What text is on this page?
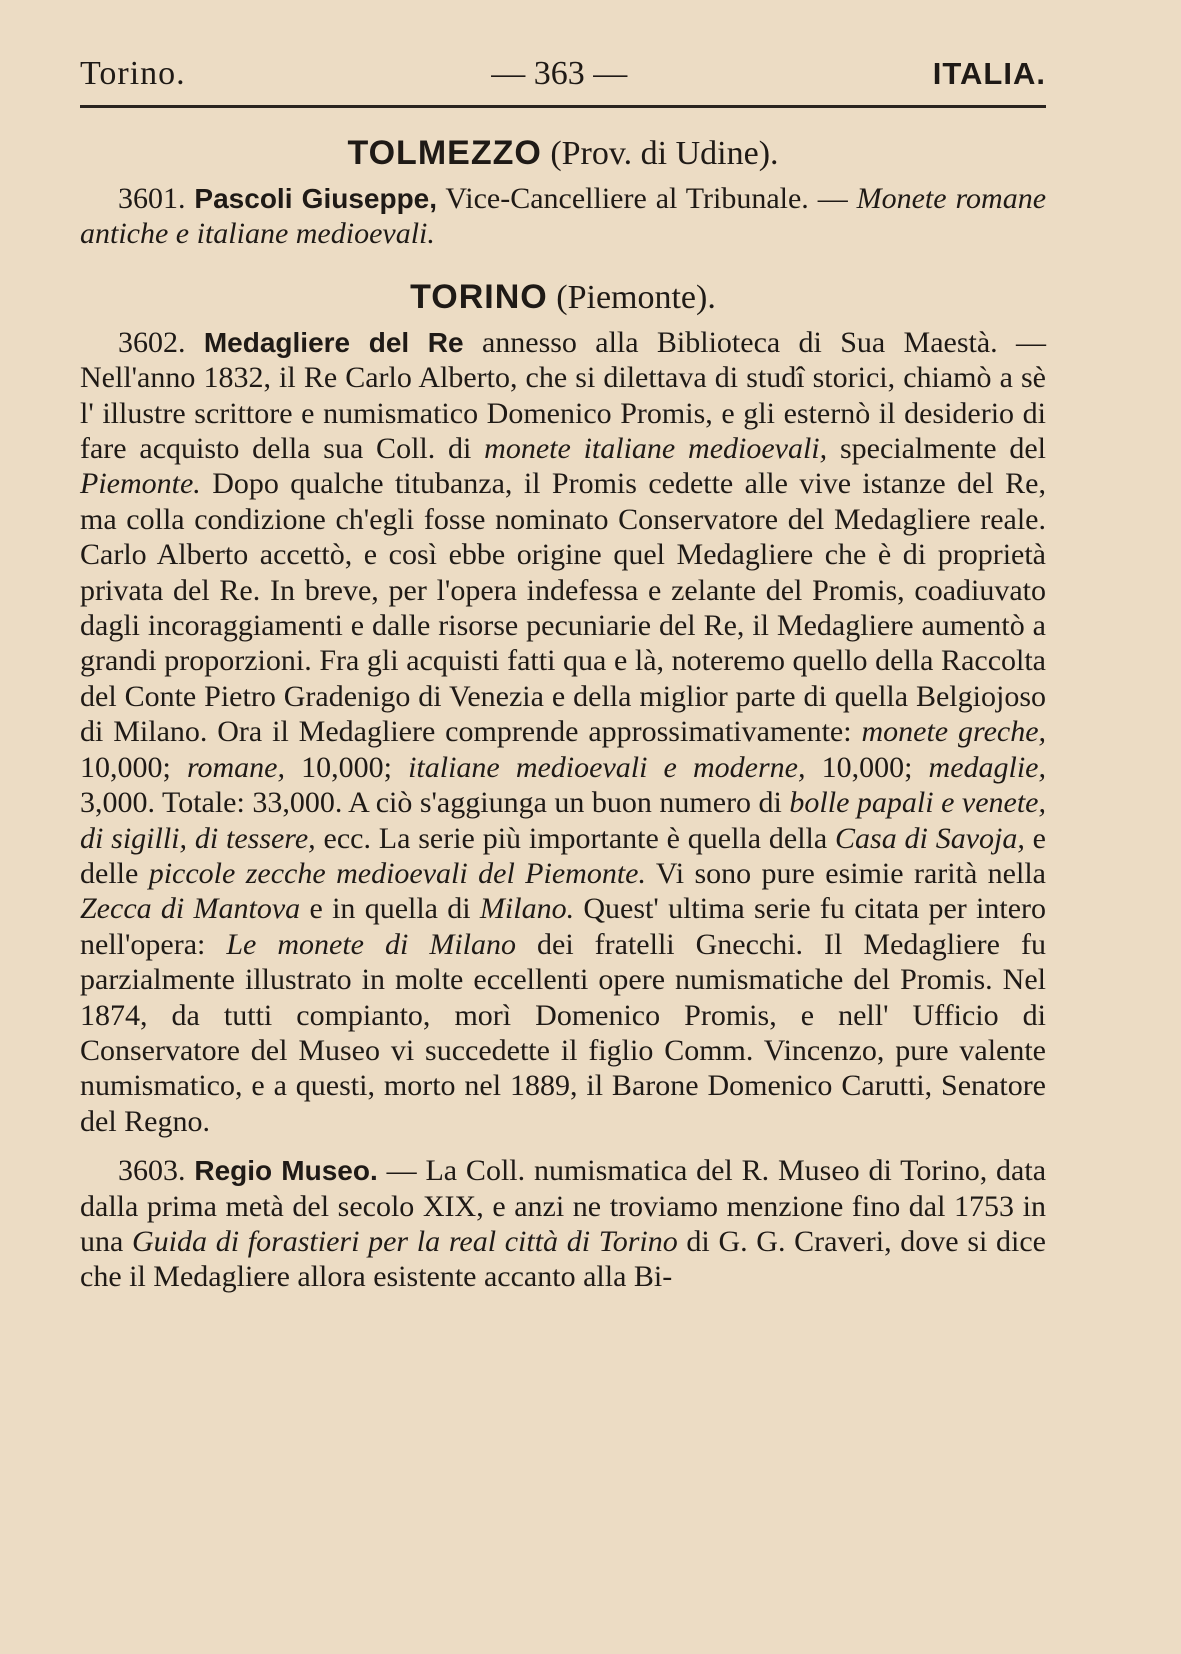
Torino.	— 363 —	ITALIA.
TOLMEZZO (Prov. di Udine).

3601. Pascoli Giuseppe, Vice-Cancelliere al Tribunale. — Monete romane antiche e italiane medioevali.

TORINO (Piemonte).

3602. Medagliere del Re annesso alla Biblioteca di Sua Maestà. — Nell'anno 1832, il Re Carlo Alberto, che si dilettava di studî storici, chiamò a sè l' illustre scrittore e numismatico Domenico Promis, e gli esternò il desiderio di fare acquisto della sua Coll. di monete italiane medioevali, specialmente del Piemonte. Dopo qualche titubanza, il Promis cedette alle vive istanze del Re, ma colla condizione ch'egli fosse nominato Conservatore del Medagliere reale. Carlo Alberto accettò, e così ebbe origine quel Medagliere che è di proprietà privata del Re. In breve, per l'opera indefessa e zelante del Promis, coadiuvato dagli incoraggiamenti e dalle risorse pecuniarie del Re, il Medagliere aumentò a grandi proporzioni. Fra gli acquisti fatti qua e là, noteremo quello della Raccolta del Conte Pietro Gradenigo di Venezia e della miglior parte di quella Belgiojoso di Milano. Ora il Medagliere comprende approssimativamente: monete greche, 10,000; romane, 10,000; italiane medioevali e moderne, 10,000; medaglie, 3,000. Totale: 33,000. A ciò s'aggiunga un buon numero di bolle papali e venete, di sigilli, di tessere, ecc. La serie più importante è quella della Casa di Savoja, e delle piccole zecche medioevali del Piemonte. Vi sono pure esimie rarità nella Zecca di Mantova e in quella di Milano. Quest' ultima serie fu citata per intero nell'opera: Le monete di Milano dei fratelli Gnecchi. Il Medagliere fu parzialmente illustrato in molte eccellenti opere numismatiche del Promis. Nel 1874, da tutti compianto, morì Domenico Promis, e nell' Ufficio di Conservatore del Museo vi succedette il figlio Comm. Vincenzo, pure valente numismatico, e a questi, morto nel 1889, il Barone Domenico Carutti, Senatore del Regno.

3603. Regio Museo. — La Coll. numismatica del R. Museo di Torino, data dalla prima metà del secolo XIX, e anzi ne troviamo menzione fino dal 1753 in una Guida di forastieri per la real città di Torino di G. G. Craveri, dove si dice che il Medagliere allora esistente accanto alla Bi-
